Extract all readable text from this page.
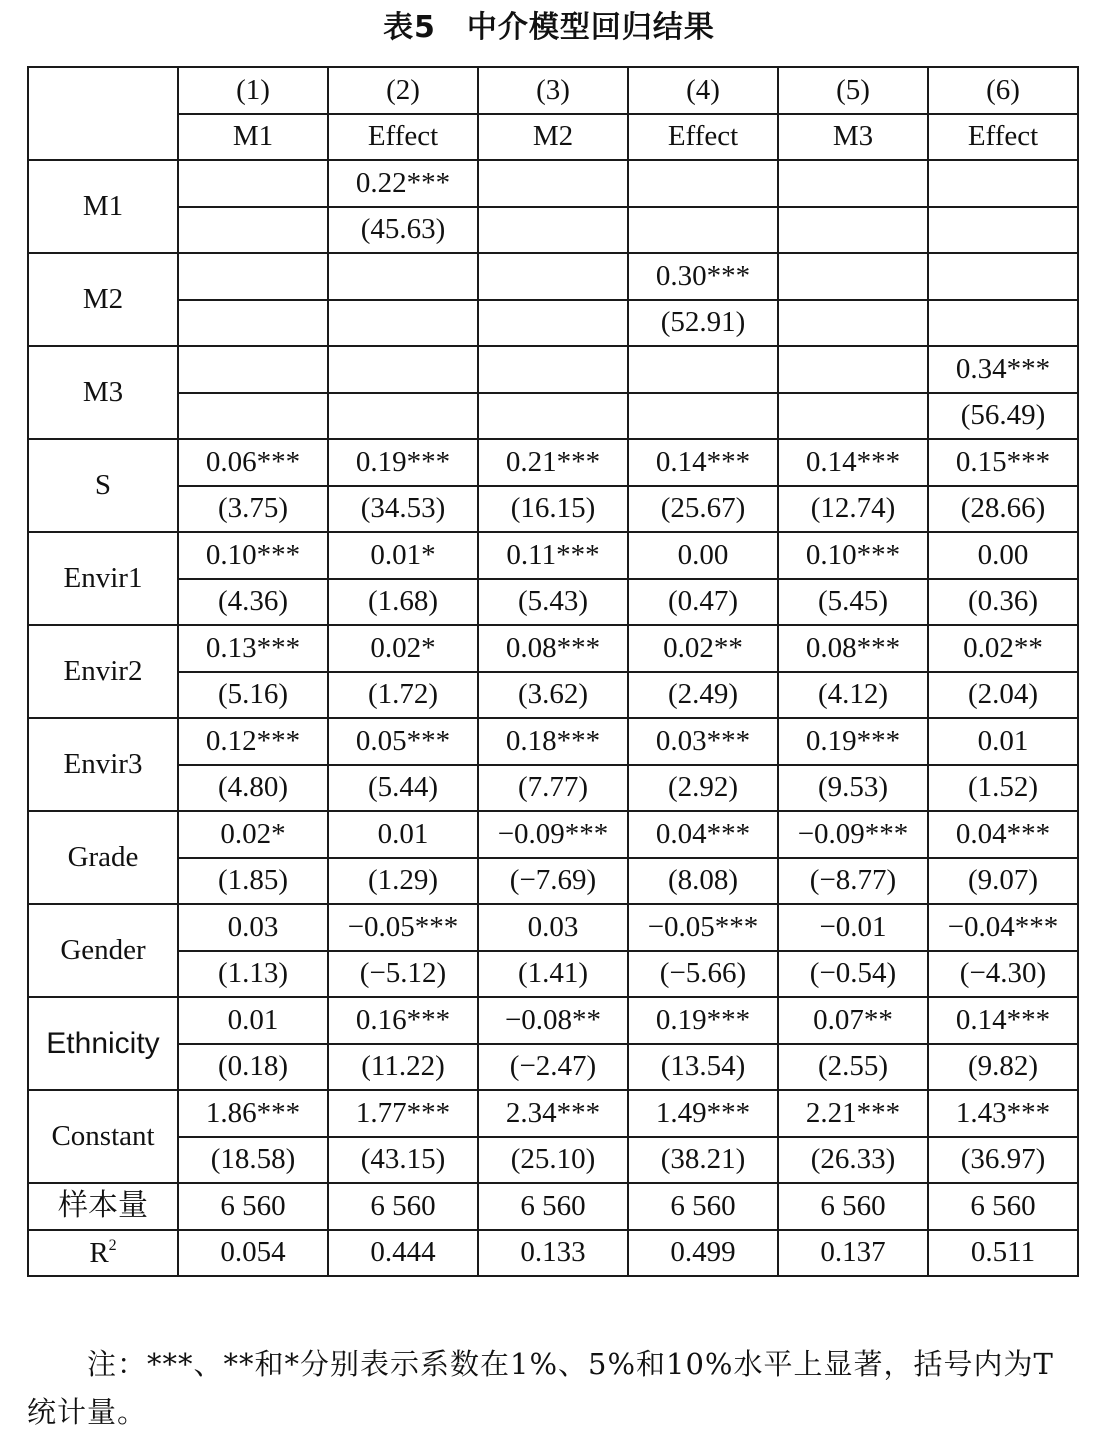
表5　中介模型回归结果
	(1)	(2)	(3)	(4)	(5)	(6)
	M1	Effect	M2	Effect	M3	Effect
M1		0.22***				
		(45.63)				
M2				0.30***		
				(52.91)		
M3						0.34***
						(56.49)
S	0.06***	0.19***	0.21***	0.14***	0.14***	0.15***
	(3.75)	(34.53)	(16.15)	(25.67)	(12.74)	(28.66)
Envir1	0.10***	0.01*	0.11***	0.00	0.10***	0.00
	(4.36)	(1.68)	(5.43)	(0.47)	(5.45)	(0.36)
Envir2	0.13***	0.02*	0.08***	0.02**	0.08***	0.02**
	(5.16)	(1.72)	(3.62)	(2.49)	(4.12)	(2.04)
Envir3	0.12***	0.05***	0.18***	0.03***	0.19***	0.01
	(4.80)	(5.44)	(7.77)	(2.92)	(9.53)	(1.52)
Grade	0.02*	0.01	−0.09***	0.04***	−0.09***	0.04***
	(1.85)	(1.29)	(−7.69)	(8.08)	(−8.77)	(9.07)
Gender	0.03	−0.05***	0.03	−0.05***	−0.01	−0.04***
	(1.13)	(−5.12)	(1.41)	(−5.66)	(−0.54)	(−4.30)
Ethnicity	0.01	0.16***	−0.08**	0.19***	0.07**	0.14***
	(0.18)	(11.22)	(−2.47)	(13.54)	(2.55)	(9.82)
Constant	1.86***	1.77***	2.34***	1.49***	2.21***	1.43***
	(18.58)	(43.15)	(25.10)	(38.21)	(26.33)	(36.97)
样本量	6 560	6 560	6 560	6 560	6 560	6 560
$R^2$	0.054	0.444	0.133	0.499	0.137	0.511
注：***、**和*分别表示系数在1%、5%和10%水平上显著，括号内为T统计量。
